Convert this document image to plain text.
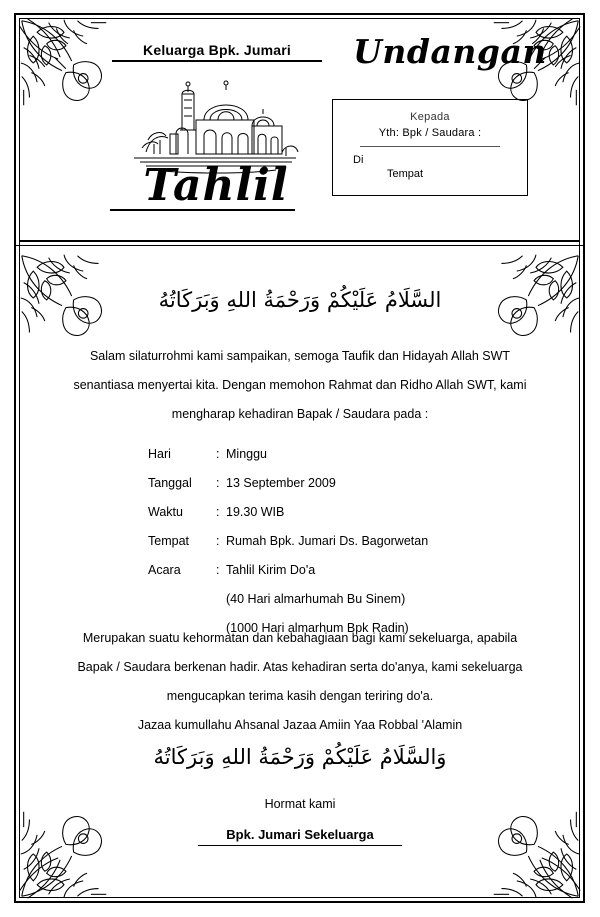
Keluarga Bpk. Jumari	Undangan
Kepada
Yth: Bpk / Saudara :
Di
Tempat
Tahlil
السَّلَامُ عَلَيْكُمْ وَرَحْمَةُ اللهِ وَبَرَكَاتُهُ
Salam silaturrohmi kami sampaikan, semoga Taufik dan Hidayah Allah SWT
senantiasa menyertai kita. Dengan memohon Rahmat dan Ridho Allah SWT, kami
mengharap kehadiran Bapak / Saudara pada :
Hari	:	Minggu
Tanggal	:	13 September 2009
Waktu	:	19.30 WIB
Tempat	:	Rumah Bpk. Jumari Ds. Bagorwetan
Acara	:	Tahlil Kirim Do'a
		(40 Hari almarhumah Bu Sinem)
		(1000 Hari almarhum Bpk Radin)
Merupakan suatu kehormatan dan kebahagiaan bagi kami sekeluarga, apabila
Bapak / Saudara berkenan hadir. Atas kehadiran serta do'anya, kami sekeluarga
mengucapkan terima kasih dengan teriring do'a.
Jazaa kumullahu Ahsanal Jazaa Amiin Yaa Robbal 'Alamin
وَالسَّلَامُ عَلَيْكُمْ وَرَحْمَةُ اللهِ وَبَرَكَاتُهُ
Hormat kami
Bpk. Jumari Sekeluarga
